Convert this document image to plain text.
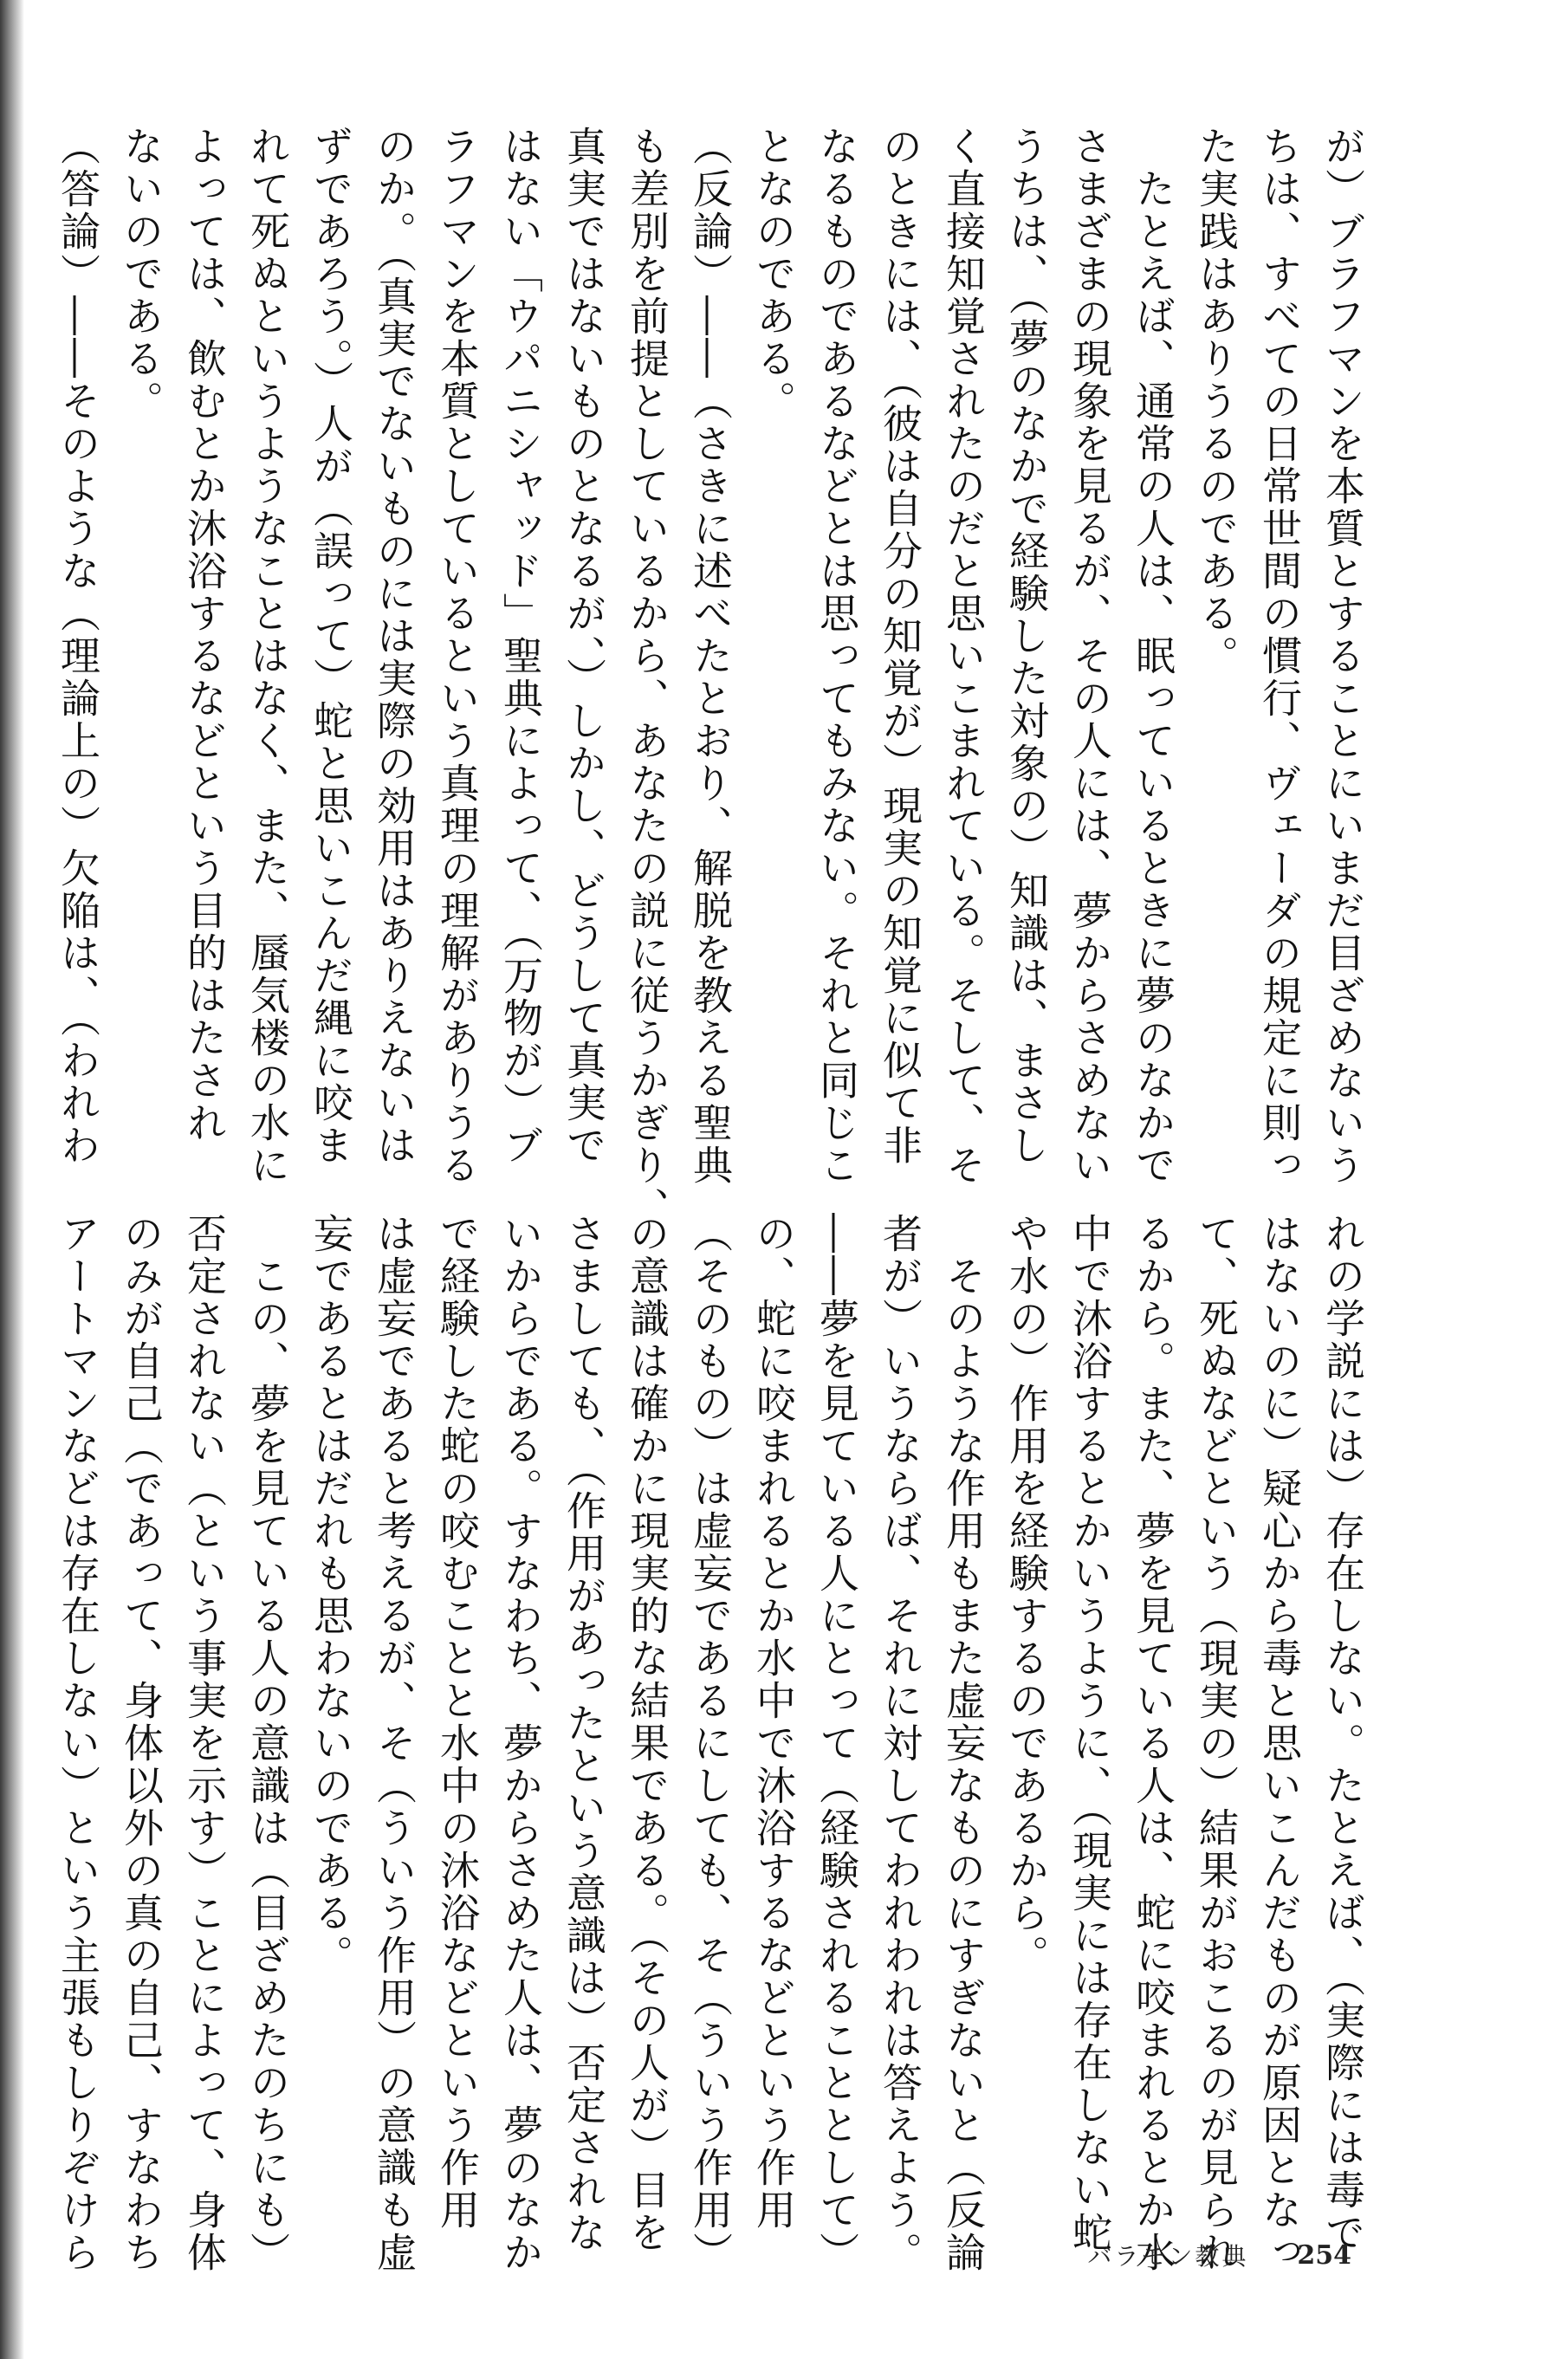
が）ブラフマンを本質とすることにいまだ目ざめないう

ちは、すべての日常世間の慣行、ヴェーダの規定に則っ

た実践はありうるのである。

　たとえば、通常の人は、眠っているときに夢のなかで

さまざまの現象を見るが、その人には、夢からさめない

うちは、（夢のなかで経験した対象の）知識は、まさし

く直接知覚されたのだと思いこまれている。そして、そ

のときには、（彼は自分の知覚が）現実の知覚に似て非

なるものであるなどとは思ってもみない。それと同じこ

となのである。

（反論）――（さきに述べたとおり、解脱を教える聖典

も差別を前提としているから、あなたの説に従うかぎり、

真実ではないものとなるが、）しかし、どうして真実で

はない「ウパニシャッド」聖典によって、（万物が）ブ

ラフマンを本質としているという真理の理解がありうる

のか。（真実でないものには実際の効用はありえないは

ずであろう。）人が（誤って）蛇と思いこんだ縄に咬ま

れて死ぬというようなことはなく、また、蜃気楼の水に

よっては、飲むとか沐浴するなどという目的はたされ

ないのである。

（答論）――そのような（理論上の）欠陥は、（われわ

れの学説には）存在しない。たとえば、（実際には毒で

はないのに）疑心から毒と思いこんだものが原因となっ

て、死ぬなどという（現実の）結果がおこるのが見られ

るから。また、夢を見ている人は、蛇に咬まれるとか水

中で沐浴するとかいうように、（現実には存在しない蛇

や水の）作用を経験するのであるから。

　そのような作用もまた虚妄なものにすぎないと（反論

者が）いうならば、それに対してわれわれは答えよう。

――夢を見ている人にとって（経験されることとして）

の、蛇に咬まれるとか水中で沐浴するなどという作用

（そのもの）は虚妄であるにしても、そ（ういう作用）

の意識は確かに現実的な結果である。（その人が）目を

さましても、（作用があったという意識は）否定されな

いからである。すなわち、夢からさめた人は、夢のなか

で経験した蛇の咬むことと水中の沐浴などという作用

は虚妄であると考えるが、そ（ういう作用）の意識も虚

妄であるとはだれも思わないのである。

　この、夢を見ている人の意識は（目ざめたのちにも）

否定されない（という事実を示す）ことによって、身体

のみが自己（であって、身体以外の真の自己、すなわち

アートマンなどは存在しない）という主張もしりぞけら	バラモン教典 254
